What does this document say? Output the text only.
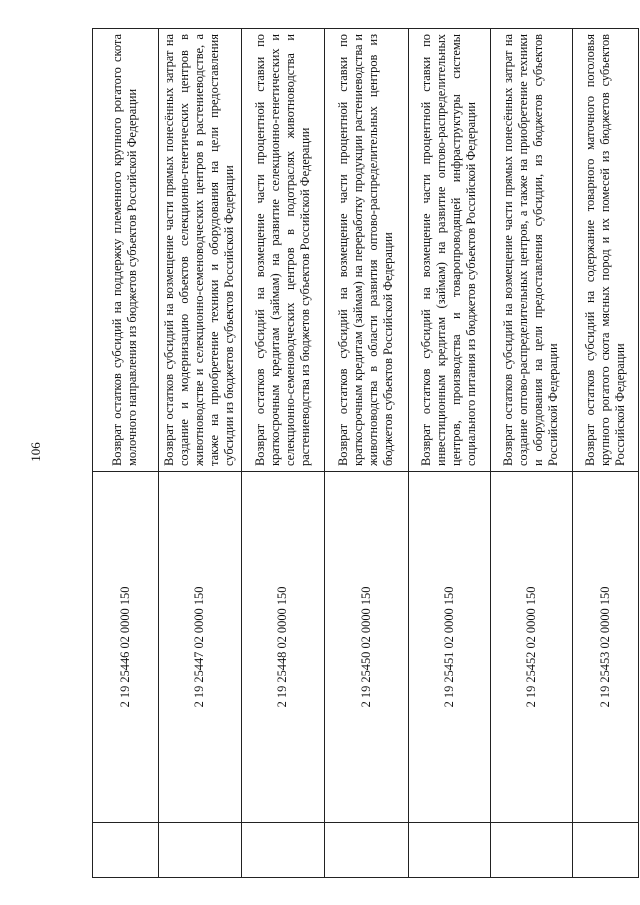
106
	2 19 25446 02 0000 150	Возврат остатков субсидий на поддержку племенного крупного рогатого скота молочного направления из бюджетов субъектов Российской Федерации
	2 19 25447 02 0000 150	Возврат остатков субсидий на возмещение части прямых понесённых затрат на создание и модернизацию объектов селекционно-генетических центров в животноводстве и селекционно-семеноводческих центров в растениеводстве, а также на приобретение техники и оборудования на цели предоставления субсидии из бюджетов субъектов Российской Федерации
	2 19 25448 02 0000 150	Возврат остатков субсидий на возмещение части процентной ставки по краткосрочным кредитам (займам) на развитие селекционно-генетических и селекционно-семеноводческих центров в подотраслях животноводства и растениеводства из бюджетов субъектов Российской Федерации
	2 19 25450 02 0000 150	Возврат остатков субсидий на возмещение части процентной ставки по краткосрочным кредитам (займам) на переработку продукции растениеводства и животноводства в области развития оптово-распределительных центров из бюджетов субъектов Российской Федерации
	2 19 25451 02 0000 150	Возврат остатков субсидий на возмещение части процентной ставки по инвестиционным кредитам (займам) на развитие оптово-распределительных центров, производства и товаропроводящей инфраструктуры системы социального питания из бюджетов субъектов Российской Федерации
	2 19 25452 02 0000 150	Возврат остатков субсидий на возмещение части прямых понесённых затрат на создание оптово-распределительных центров, а также на приобретение техники и оборудования на цели предоставления субсидии, из бюджетов субъектов Российской Федерации
	2 19 25453 02 0000 150	Возврат остатков субсидий на содержание товарного маточного поголовья крупного рогатого скота мясных пород и их помесей из бюджетов субъектов Российской Федерации
